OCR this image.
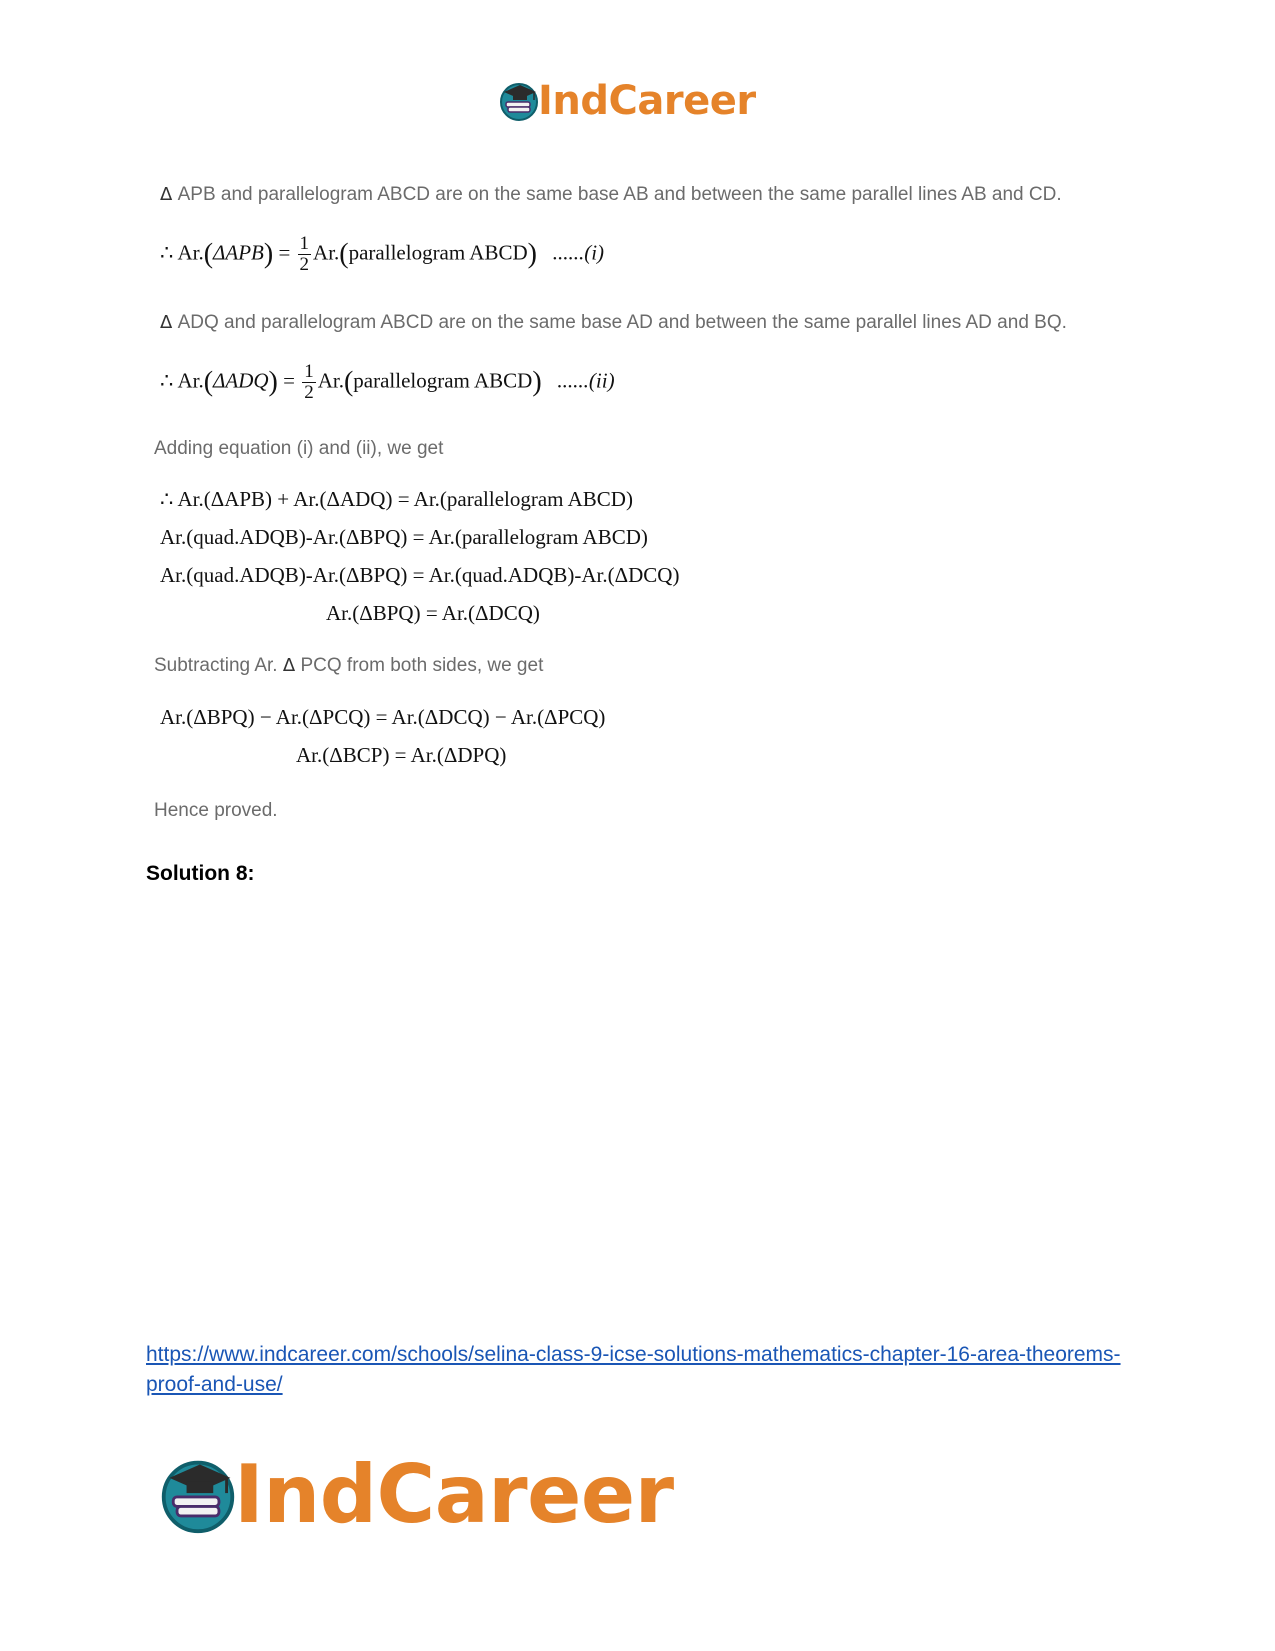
IndCareer
Δ APB and parallelogram ABCD are on the same base AB and between the same parallel lines AB and CD.
∴ $Ar.(\Delta APB) = \frac{1}{2}$ Ar.(parallelogram ABCD) ......(i)
Δ ADQ and parallelogram ABCD are on the same base AD and between the same parallel lines AD and BQ.
∴ $Ar.(\Delta ADQ) = \frac{1}{2}$ Ar.(parallelogram ABCD) ......(ii)
Adding equation (i) and (ii), we get
∴ Ar.(ΔAPB) + Ar.(ΔADQ) = Ar.(parallelogram ABCD)
Ar.(quad.ADQB)-Ar.(ΔBPQ) = Ar.(parallelogram ABCD)
Ar.(quad.ADQB)-Ar.(ΔBPQ) = Ar.(quad.ADQB)-Ar.(ΔDCQ)
Ar.(ΔBPQ) = Ar.(ΔDCQ)
Subtracting Ar. Δ PCQ from both sides, we get
Ar.(ΔBPQ) − Ar.(ΔPCQ) = Ar.(ΔDCQ) − Ar.(ΔPCQ)
Ar.(ΔBCP) = Ar.(ΔDPQ)
Hence proved.
Solution 8:
https://www.indcareer.com/schools/selina-class-9-icse-solutions-mathematics-chapter-16-area-theorems-proof-and-use/
IndCareer
